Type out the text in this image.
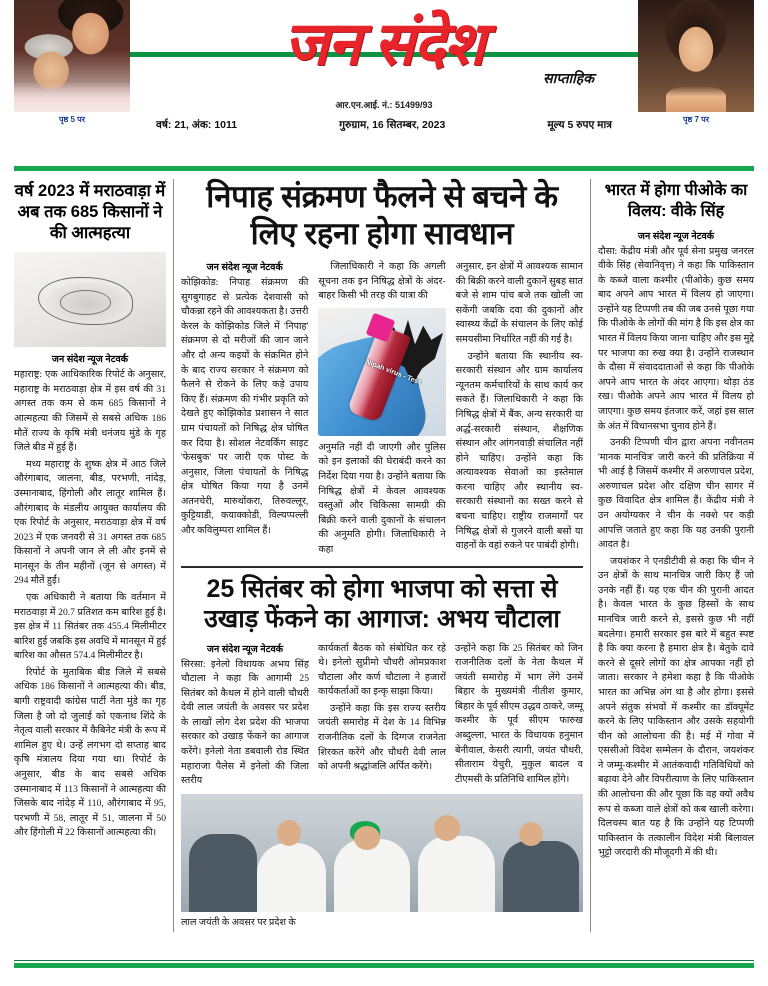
पृष्ठ 5 पर
जन संदेश
साप्ताहिक
आर.एन.आई. नं.: 51499/93
वर्ष: 21, अंक: 1011	गुरुग्राम, 16 सितम्बर, 2023	मूल्य 5 रुपए मात्र	पृष्ठ 7 पर
वर्ष 2023 में मराठवाड़ा में अब तक 685 किसानों ने की आत्महत्या
जन संदेश न्यूज नेटवर्क

महाराष्ट्र: एक आधिकारिक रिपोर्ट के अनुसार, महाराष्ट्र के मराठवाड़ा क्षेत्र में इस वर्ष की 31 अगस्त तक कम से कम 685 किसानों ने आत्महत्या की जिसमें से सबसे अधिक 186 मौतें राज्य के कृषि मंत्री धनंजय मुंडे के गृह जिले बीड में हुई हैं।

मध्य महाराष्ट्र के शुष्क क्षेत्र में आठ जिले औरंगाबाद, जालना, बीड, परभणी, नांदेड़, उस्मानाबाद, हिंगोली और लातूर शामिल हैं। औरंगाबाद के मंडलीय आयुक्त कार्यालय की एक रिपोर्ट के अनुसार, मराठवाड़ा क्षेत्र में वर्ष 2023 में एक जनवरी से 31 अगस्त तक 685 किसानों ने अपनी जान ले ली और इनमें से मानसून के तीन महीनों (जून से अगस्त) में 294 मौतें हुईं।

एक अधिकारी ने बताया कि वर्तमान में मराठवाड़ा में 20.7 प्रतिशत कम बारिश हुई है। इस क्षेत्र में 11 सितंबर तक 455.4 मिलीमीटर बारिश हुई जबकि इस अवधि में मानसून में हुई बारिश का औसत 574.4 मिलीमीटर है।

रिपोर्ट के मुताबिक बीड जिले में सबसे अधिक 186 किसानों ने आत्महत्या की। बीड, बागी राष्ट्रवादी कांग्रेस पार्टी नेता मुंडे का गृह जिला है जो दो जुलाई को एकनाथ शिंदे के नेतृत्व वाली सरकार में कैबिनेट मंत्री के रूप में शामिल हुए थे। उन्हें लगभग दो सप्ताह बाद कृषि मंत्रालय दिया गया था। रिपोर्ट के अनुसार, बीड के बाद सबसे अधिक उस्मानाबाद में 113 किसानों ने आत्महत्या की जिसके बाद नांदेड़ में 110, औरंगाबाद में 95, परभणी में 58, लातूर में 51, जालना में 50 और हिंगोली में 22 किसानों आत्महत्या की।

निपाह संक्रमण फैलने से बचने के लिए रहना होगा सावधान
जन संदेश न्यूज नेटवर्क

कोझिकोड: निपाह संक्रमण की सुगबुगाहट से प्रत्येक देशवासी को चौकन्ना रहने की आवश्यकता है। उत्तरी केरल के कोझिकोड जिले में 'निपाह' संक्रमण से दो मरीजों की जान जाने और दो अन्य कइयों के संक्रमित होने के बाद राज्य सरकार ने संक्रमण को फैलने से रोकने के लिए कड़े उपाय किए हैं। संक्रमण की गंभीर प्रकृति को देखते हुए कोझिकोड प्रशासन ने सात ग्राम पंचायतों को निषिद्ध क्षेत्र घोषित कर दिया है। सोशल नेटवर्किंग साइट 'फेसबुक' पर जारी एक पोस्ट के अनुसार, जिला पंचायतों के निषिद्ध क्षेत्र घोषित किया गया है उनमें अतनचेरी, मारुथोंकरा, तिरुवल्लूर, कुट्टियाडी, कयाक्कोडी, विल्यप्पल्ली और कविलुम्परा शामिल हैं।

जिलाधिकारी ने कहा कि अगली सूचना तक इन निषिद्ध क्षेत्रों के अंदर-बाहर किसी भी तरह की यात्रा की

Nipah virus - Test

अनुमति नहीं दी जाएगी और पुलिस को इन इलाकों की घेराबंदी करने का निर्देश दिया गया है। उन्होंने बताया कि निषिद्ध क्षेत्रों में केवल आवश्यक वस्तुओं और चिकित्सा सामग्री की बिक्री करने वाली दुकानों के संचालन की अनुमति होगी। जिलाधिकारी ने कहा

अनुसार, इन क्षेत्रों में आवश्यक सामान की बिक्री करने वाली दुकानें सुबह सात बजे से शाम पांच बजे तक खोली जा सकेंगी जबकि दवा की दुकानों और स्वास्थ्य केंद्रों के संचालन के लिए कोई समयसीमा निर्धारित नहीं की गई है।

उन्होंने बताया कि स्थानीय स्व-सरकारी संस्थान और ग्राम कार्यालय न्यूनतम कर्मचारियों के साथ कार्य कर सकते हैं। जिलाधिकारी ने कहा कि निषिद्ध क्षेत्रों में बैंक, अन्य सरकारी या अर्द्ध-सरकारी संस्थान, शैक्षणिक संस्थान और आंगनवाड़ी संचालित नहीं होने चाहिए। उन्होंने कहा कि अत्यावश्यक सेवाओं का इस्तेमाल करना चाहिए और स्थानीय स्व-सरकारी संस्थानों का सख्त करने से बचना चाहिए। राष्ट्रीय राजमार्गों पर निषिद्ध क्षेत्रों से गुजरने वाली बसों या वाहनों के वहां रुकने पर पाबंदी होगी।

25 सितंबर को होगा भाजपा को सत्ता से उखाड़ फेंकने का आगाज: अभय चौटाला
जन संदेश न्यूज नेटवर्क

सिरसा: इनेलो विधायक अभय सिंह चौटाला ने कहा कि आगामी 25 सितंबर को कैथल में होने वाली चौधरी देवी लाल जयंती के अवसर पर प्रदेश के लाखों लोग देश प्रदेश की भाजपा सरकार को उखाड़ फेंकने का आगाज करेंगे। इनेलो नेता डबवाली रोड स्थित महाराजा पैलेस में इनेलो की जिला स्तरीय

कार्यकर्ता बैठक को संबोधित कर रहे थे। इनेलो सुप्रीमो चौधरी ओमप्रकाश चौटाला और कर्ण चौटाला ने हजारों कार्यकर्ताओं का इन्कृ साझा किया।

उन्होंने कहा कि इस राज्य स्तरीय जयंती समारोह में देश के 14 विभिन्न राजनीतिक दलों के दिग्गज राजनेता शिरकत करेंगे और चौधरी देवी लाल को अपनी श्रद्धांजलि अर्पित करेंगे।

उन्होंने कहा कि 25 सितंबर को जिन राजनीतिक दलों के नेता कैथल में जयंती समारोह में भाग लेंगे उनमें बिहार के मुख्यमंत्री नीतीश कुमार, बिहार के पूर्व सीएम उद्धव ठाकरे, जम्मू कश्मीर के पूर्व सीएम फारुख अब्दुल्ला, भारत के विधायक हनुमान बेनीवाल, केसरी त्यागी, जयंत चौधरी, सीताराम येचुरी, मुकुल बादल व टीएमसी के प्रतिनिधि शामिल होंगे।

लाल जयंती के अवसर पर प्रदेश के

भारत में होगा पीओके का विलय: वीके सिंह
जन संदेश न्यूज नेटवर्क

दौसा: केंद्रीय मंत्री और पूर्व सेना प्रमुख जनरल वीके सिंह (सेवानिवृत्त) ने कहा कि पाकिस्तान के कब्जे वाला कश्मीर (पीओके) कुछ समय बाद अपने आप भारत में विलय हो जाएगा। उन्होंने यह टिप्पणी तब की जब उनसे पूछा गया कि पीओके के लोगों की मांग है कि इस क्षेत्र का भारत में विलय किया जाना चाहिए और इस मुद्दे पर भाजपा का रुख क्या है। उन्होंने राजस्थान के दौसा में संवाददाताओं से कहा कि पीओके अपने आप भारत के अंदर आएगा। थोड़ा ठंड रख। पीओके अपने आप भारत में विलय हो जाएगा। कुछ समय इंतजार करें, जहां इस साल के अंत में विधानसभा चुनाव होने हैं।

उनकी टिप्पणी चीन द्वारा अपना नवीनतम 'मानक मानचित्र' जारी करने की प्रतिक्रिया में भी आई है जिसमें कश्मीर में अरुणाचल प्रदेश, अरुणाचल प्रदेश और दक्षिण चीन सागर में कुछ विवादित क्षेत्र शामिल हैं। केंद्रीय मंत्री ने उन अयोग्यकर ने चीन के नक्शे पर कड़ी आपत्ति जताते हुए कहा कि यह उनकी पुरानी आदत है।

जयशंकर ने एनडीटीवी से कहा कि चीन ने उन क्षेत्रों के साथ मानचित्र जारी किए हैं जो उनके नहीं हैं। यह एक चीन की पुरानी आदत है। केवल भारत के कुछ हिस्सों के साथ मानचित्र जारी करने से, इससे कुछ भी नहीं बदलेगा। हमारी सरकार इस बारे में बहुत स्पष्ट है कि क्या करना है हमारा क्षेत्र है। बेतुके दावे करने से दूसरे लोगों का क्षेत्र आपका नहीं हो जाता। सरकार ने हमेशा कहा है कि पीओके भारत का अभिन्न अंग था है और होगा। इससे अपने संतुक संभवों में कश्मीर का डॉक्यूमेंट करने के लिए पाकिस्तान और उसके सहयोगी चीन को आलोचना की है। मई में गोवा में एससीओ विदेश सम्मेलन के दौरान, जयशंकर ने जम्मू-कश्मीर में आतंकवादी गतिविधियों को बढ़ावा देने और विपरीत्याण के लिए पाकिस्तान की आलोचना की और पूछा कि वह क्यों अवैध रूप से कब्जा वाले क्षेत्रों को कब खाली करेगा। दिलचस्प बात यह है कि उन्होंने यह टिप्पणी पाकिस्तान के तत्कालीन विदेश मंत्री बिलावल भुट्टो जरदारी की मौजूदगी में की थी।
